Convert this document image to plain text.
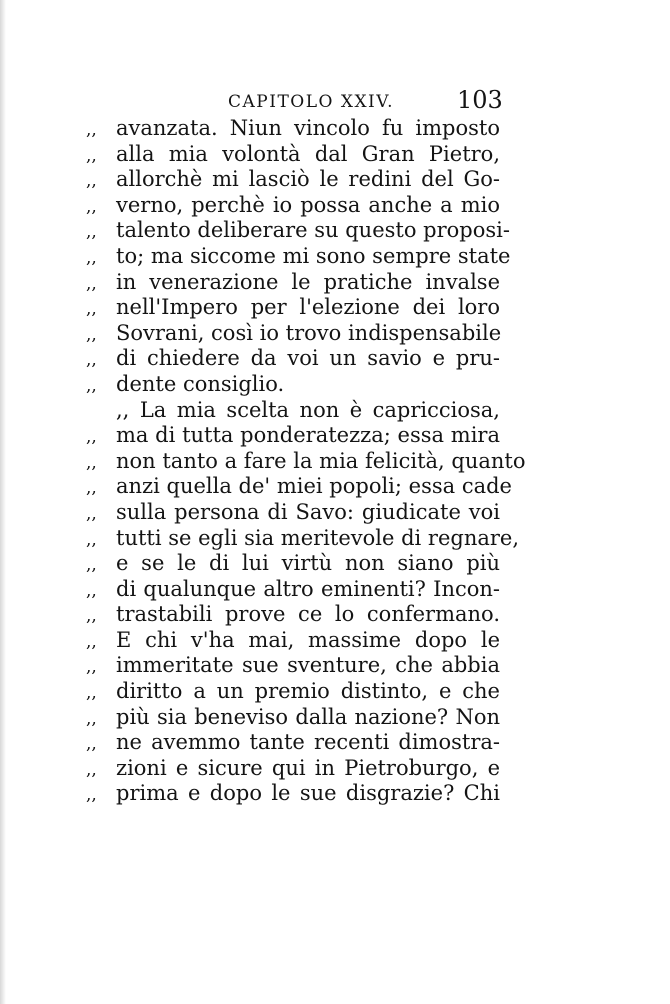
CAPITOLO XXIV.	103
,, avanzata. Niun vincolo fu imposto
,, alla mia volontà dal Gran Pietro,
,, allorchè mi lasciò le redini del Go-
,, verno, perchè io possa anche a mio
,, talento deliberare su questo proposi-
,, to; ma siccome mi sono sempre state
,, in venerazione le pratiche invalse
,, nell'Impero per l'elezione dei loro
,, Sovrani, così io trovo indispensabile
,, di chiedere da voi un savio e pru-
,, dente consiglio.
,, La mia scelta non è capricciosa,
,, ma di tutta ponderatezza; essa mira
,, non tanto a fare la mia felicità, quanto
,, anzi quella de' miei popoli; essa cade
,, sulla persona di Savo: giudicate voi
,, tutti se egli sia meritevole di regnare,
,, e se le di lui virtù non siano più
,, di qualunque altro eminenti? Incon-
,, trastabili prove ce lo confermano.
,, E chi v'ha mai, massime dopo le
,, immeritate sue sventure, che abbia
,, diritto a un premio distinto, e che
,, più sia beneviso dalla nazione? Non
,, ne avemmo tante recenti dimostra-
,, zioni e sicure qui in Pietroburgo, e
,, prima e dopo le sue disgrazie? Chi
